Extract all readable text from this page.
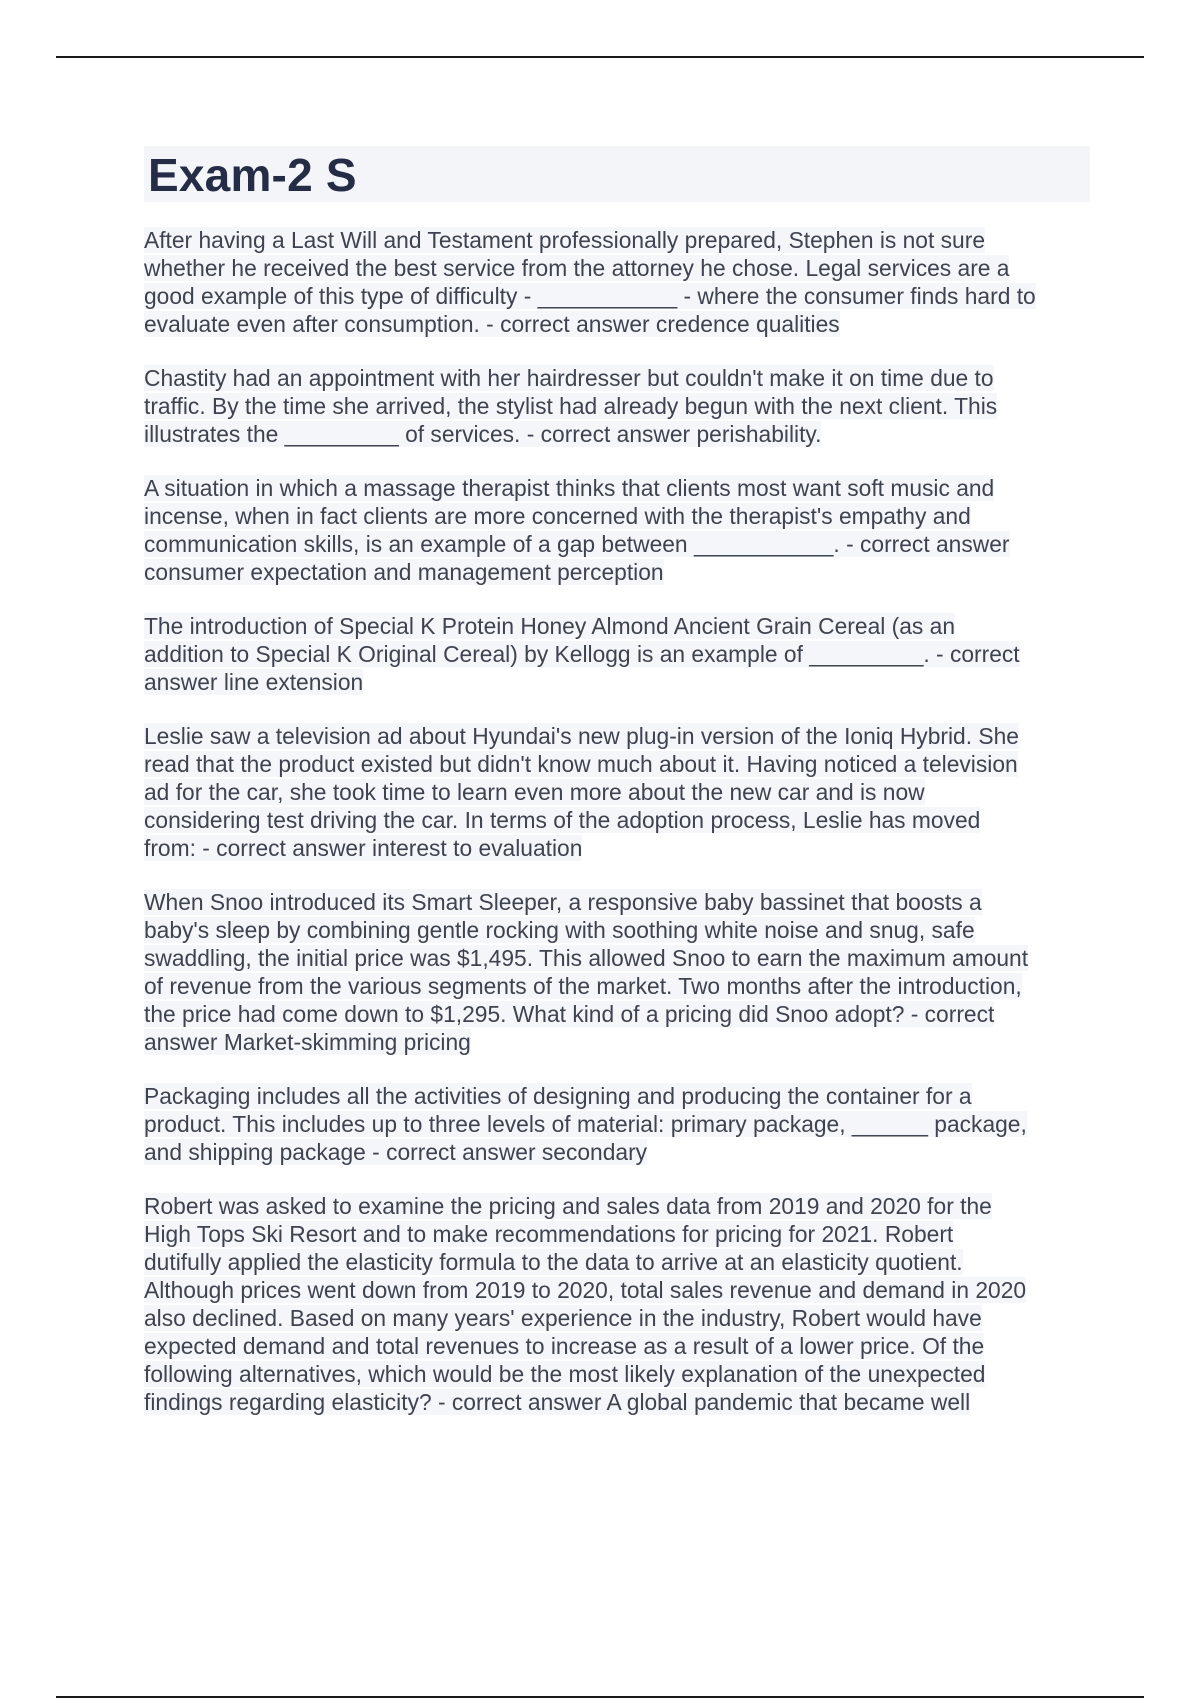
Exam-2 S
After having a Last Will and Testament professionally prepared, Stephen is not sure
whether he received the best service from the attorney he chose. Legal services are a
good example of this type of difficulty - ___________ - where the consumer finds hard to
evaluate even after consumption. - correct answer credence qualities
Chastity had an appointment with her hairdresser but couldn't make it on time due to
traffic. By the time she arrived, the stylist had already begun with the next client. This
illustrates the _________ of services. - correct answer perishability.
A situation in which a massage therapist thinks that clients most want soft music and
incense, when in fact clients are more concerned with the therapist's empathy and
communication skills, is an example of a gap between ___________. - correct answer
consumer expectation and management perception
The introduction of Special K Protein Honey Almond Ancient Grain Cereal (as an
addition to Special K Original Cereal) by Kellogg is an example of _________. - correct
answer line extension
Leslie saw a television ad about Hyundai's new plug-in version of the Ioniq Hybrid. She
read that the product existed but didn't know much about it. Having noticed a television
ad for the car, she took time to learn even more about the new car and is now
considering test driving the car. In terms of the adoption process, Leslie has moved
from: - correct answer interest to evaluation
When Snoo introduced its Smart Sleeper, a responsive baby bassinet that boosts a
baby's sleep by combining gentle rocking with soothing white noise and snug, safe
swaddling, the initial price was $1,495. This allowed Snoo to earn the maximum amount
of revenue from the various segments of the market. Two months after the introduction,
the price had come down to $1,295. What kind of a pricing did Snoo adopt? - correct
answer Market-skimming pricing
Packaging includes all the activities of designing and producing the container for a
product. This includes up to three levels of material: primary package, ______ package,
and shipping package - correct answer secondary
Robert was asked to examine the pricing and sales data from 2019 and 2020 for the
High Tops Ski Resort and to make recommendations for pricing for 2021. Robert
dutifully applied the elasticity formula to the data to arrive at an elasticity quotient.
Although prices went down from 2019 to 2020, total sales revenue and demand in 2020
also declined. Based on many years' experience in the industry, Robert would have
expected demand and total revenues to increase as a result of a lower price. Of the
following alternatives, which would be the most likely explanation of the unexpected
findings regarding elasticity? - correct answer A global pandemic that became well
